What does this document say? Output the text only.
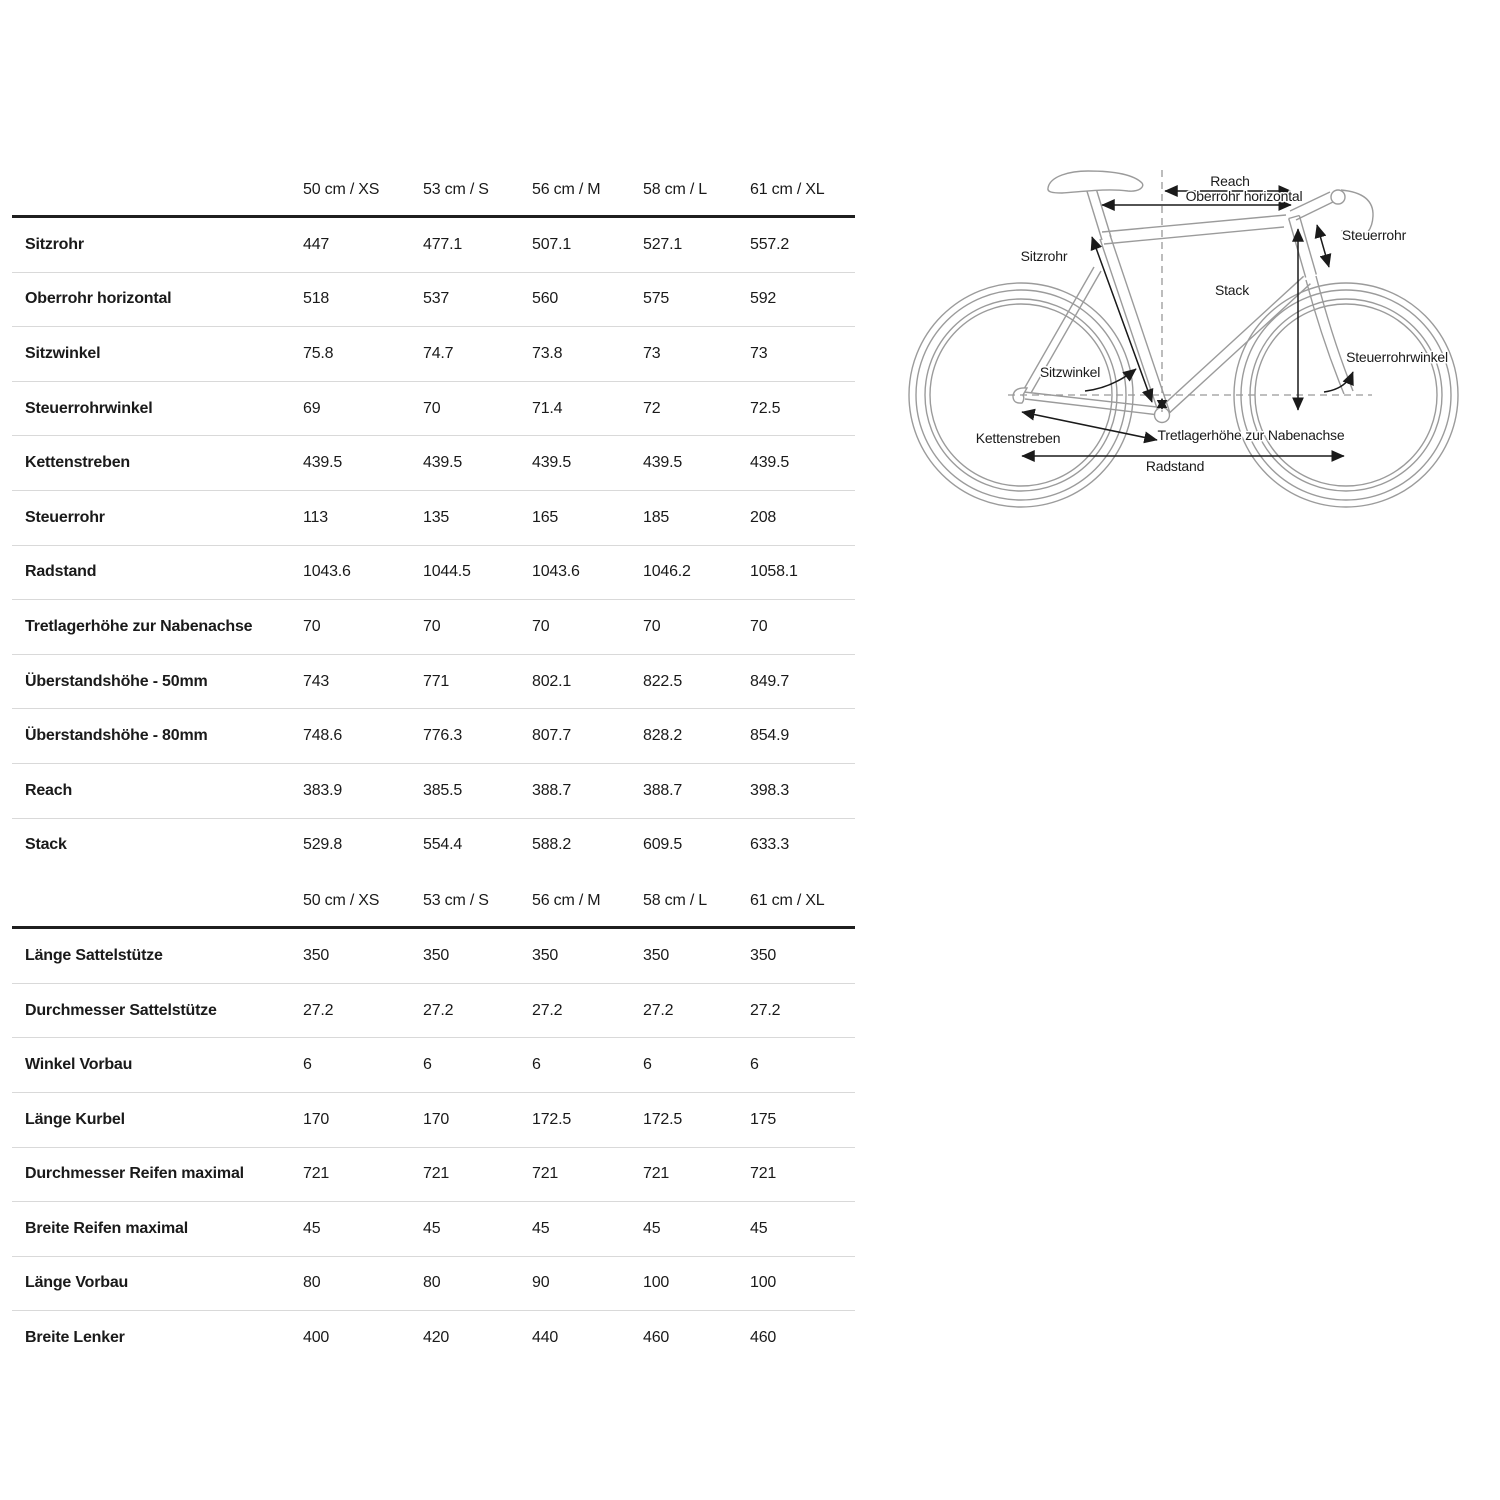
50 cm / XS	53 cm / S	56 cm / M	58 cm / L	61 cm / XL
Sitzrohr	447	477.1	507.1	527.1	557.2
Oberrohr horizontal	518	537	560	575	592
Sitzwinkel	75.8	74.7	73.8	73	73
Steuerrohrwinkel	69	70	71.4	72	72.5
Kettenstreben	439.5	439.5	439.5	439.5	439.5
Steuerrohr	113	135	165	185	208
Radstand	1043.6	1044.5	1043.6	1046.2	1058.1
Tretlagerhöhe zur Nabenachse	70	70	70	70	70
Überstandshöhe - 50mm	743	771	802.1	822.5	849.7
Überstandshöhe - 80mm	748.6	776.3	807.7	828.2	854.9
Reach	383.9	385.5	388.7	388.7	398.3
Stack	529.8	554.4	588.2	609.5	633.3
50 cm / XS	53 cm / S	56 cm / M	58 cm / L	61 cm / XL
Länge Sattelstütze	350	350	350	350	350
Durchmesser Sattelstütze	27.2	27.2	27.2	27.2	27.2
Winkel Vorbau	6	6	6	6	6
Länge Kurbel	170	170	172.5	172.5	175
Durchmesser Reifen maximal	721	721	721	721	721
Breite Reifen maximal	45	45	45	45	45
Länge Vorbau	80	80	90	100	100
Breite Lenker	400	420	440	460	460
Reach
Oberrohr horizontal
Steuerrohr
Sitzrohr
Stack
Sitzwinkel
Steuerrohrwinkel
Kettenstreben	Tretlagerhöhe zur Nabenachse
Radstand
